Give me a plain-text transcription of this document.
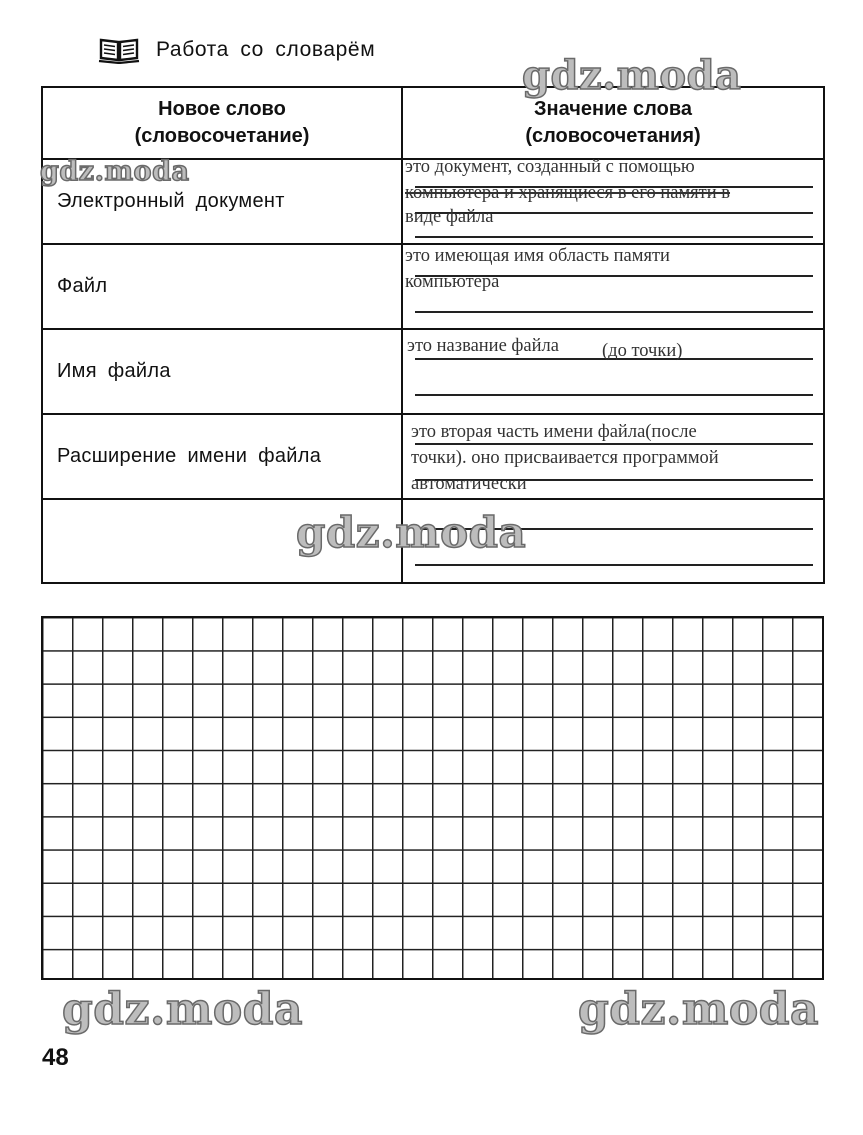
Работа со словарём
Новое слово
(словосочетание)
Значение слова
(словосочетания)
Электронный документ
это документ, созданный с помощью
компьютера и хранящиеся в его памяти в
виде файла
Файл
это имеющая имя область памяти
компьютера
Имя файла
это название файла (до точки)
Расширение имени файла
это вторая часть имени файла(после
точки). оно присваивается программой
автоматически
48
gdz.moda
gdz.moda
gdz.moda
gdz.moda	gdz.moda
